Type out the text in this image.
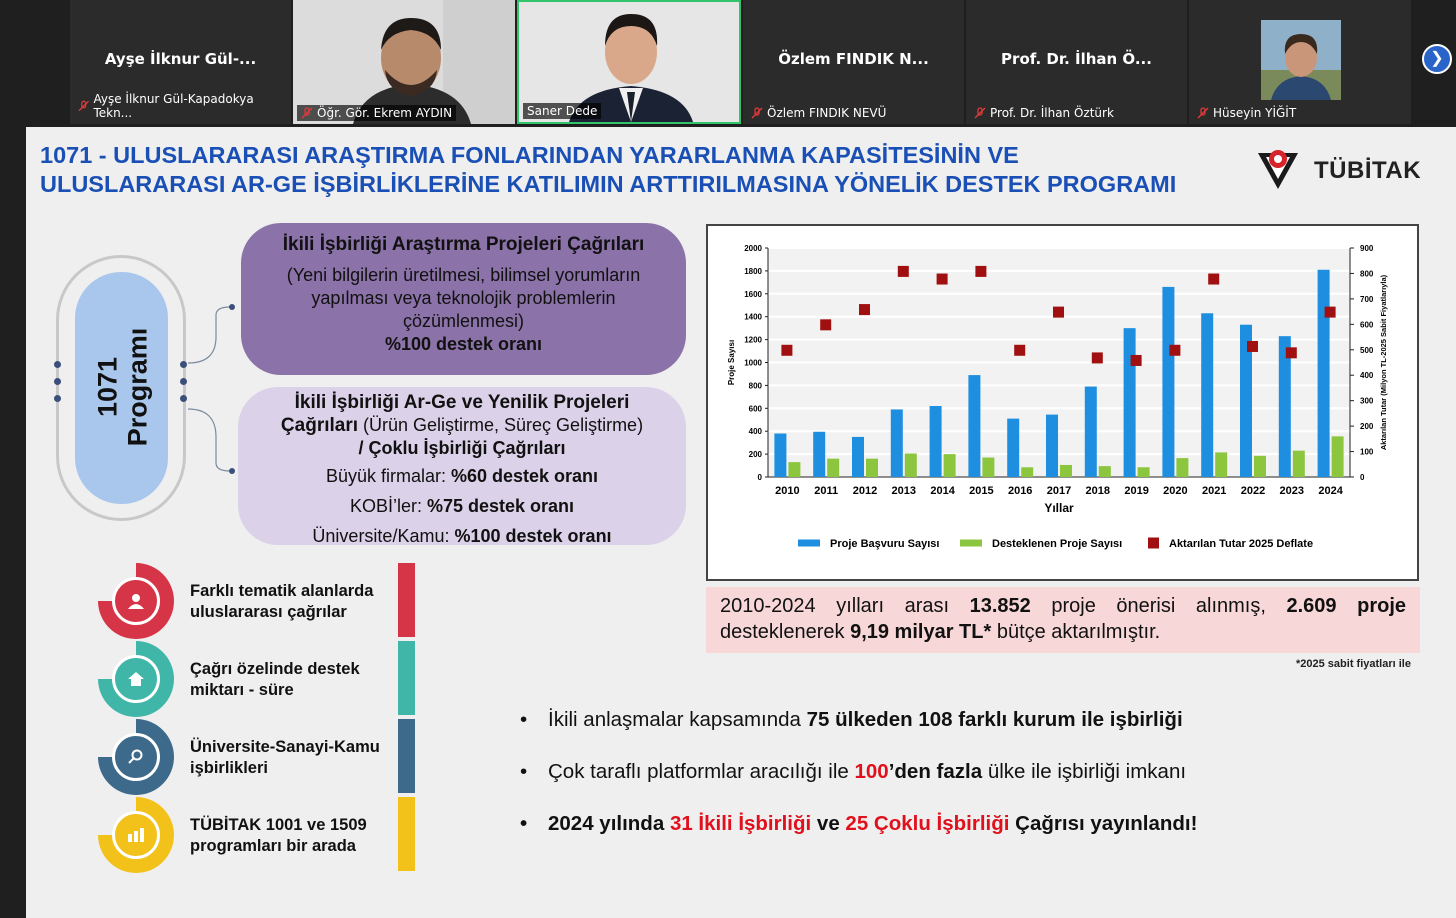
Ayşe İlknur Gül-...
Ayşe İlknur Gül-Kapadokya Tekn...	Öğr. Gör. Ekrem AYDIN	Saner Dede
Özlem FINDIK N...
Özlem FINDIK NEVÜ
Prof. Dr. İlhan Ö...
Prof. Dr. İlhan Öztürk	Hüseyin YİĞİT
❯
1071 - ULUSLARARASI ARAŞTIRMA FONLARINDAN YARARLANMA KAPASİTESİNİN VE
ULUSLARARASI AR-GE İŞBİRLİKLERİNE KATILIMIN ARTTIRILMASINA YÖNELİK DESTEK PROGRAMI	TÜBİTAK
1071 Programı
İkili İşbirliği Araştırma Projeleri Çağrıları
(Yeni bilgilerin üretilmesi, bilimsel yorumların yapılması veya teknolojik problemlerin çözümlenmesi)
%100 destek oranı
İkili İşbirliği Ar-Ge ve Yenilik Projeleri Çağrıları (Ürün Geliştirme, Süreç Geliştirme) / Çoklu İşbirliği Çağrıları
Büyük firmalar: %60 destek oranı
KOBİ’ler: %75 destek oranı
Üniversite/Kamu: %100 destek oranı
Farklı tematik alanlarda
uluslararası çağrılar
Çağrı özelinde destek
miktarı - süre
Üniversite-Sanayi-Kamu
işbirlikleri
TÜBİTAK 1001 ve 1509
programları bir arada
0
200
400
600
800
1000
1200
1400
1600
1800
2000
0
100
200
300
400
500
600
700
800
900
2010 2011 2012 2013 2014 2015 2016 2017 2018 2019 2020 2021 2022 2023 2024
Yıllar
Proje Sayısı	Aktarılan Tutar (Milyon TL-2025 Sabit Fiyatlarıyla)
Proje Başvuru Sayısı	Desteklenen Proje Sayısı	Aktarılan Tutar 2025 Deflate
2010-2024 yılları arası 13.852 proje önerisi alınmış, 2.609 proje desteklenerek 9,19 milyar TL* bütçe aktarılmıştır.
*2025 sabit fiyatları ile
• İkili anlaşmalar kapsamında 75 ülkeden 108 farklı kurum ile işbirliği
• Çok taraflı platformlar aracılığı ile 100’den fazla ülke ile işbirliği imkanı
• 2024 yılında 31 İkili İşbirliği ve 25 Çoklu İşbirliği Çağrısı yayınlandı!
